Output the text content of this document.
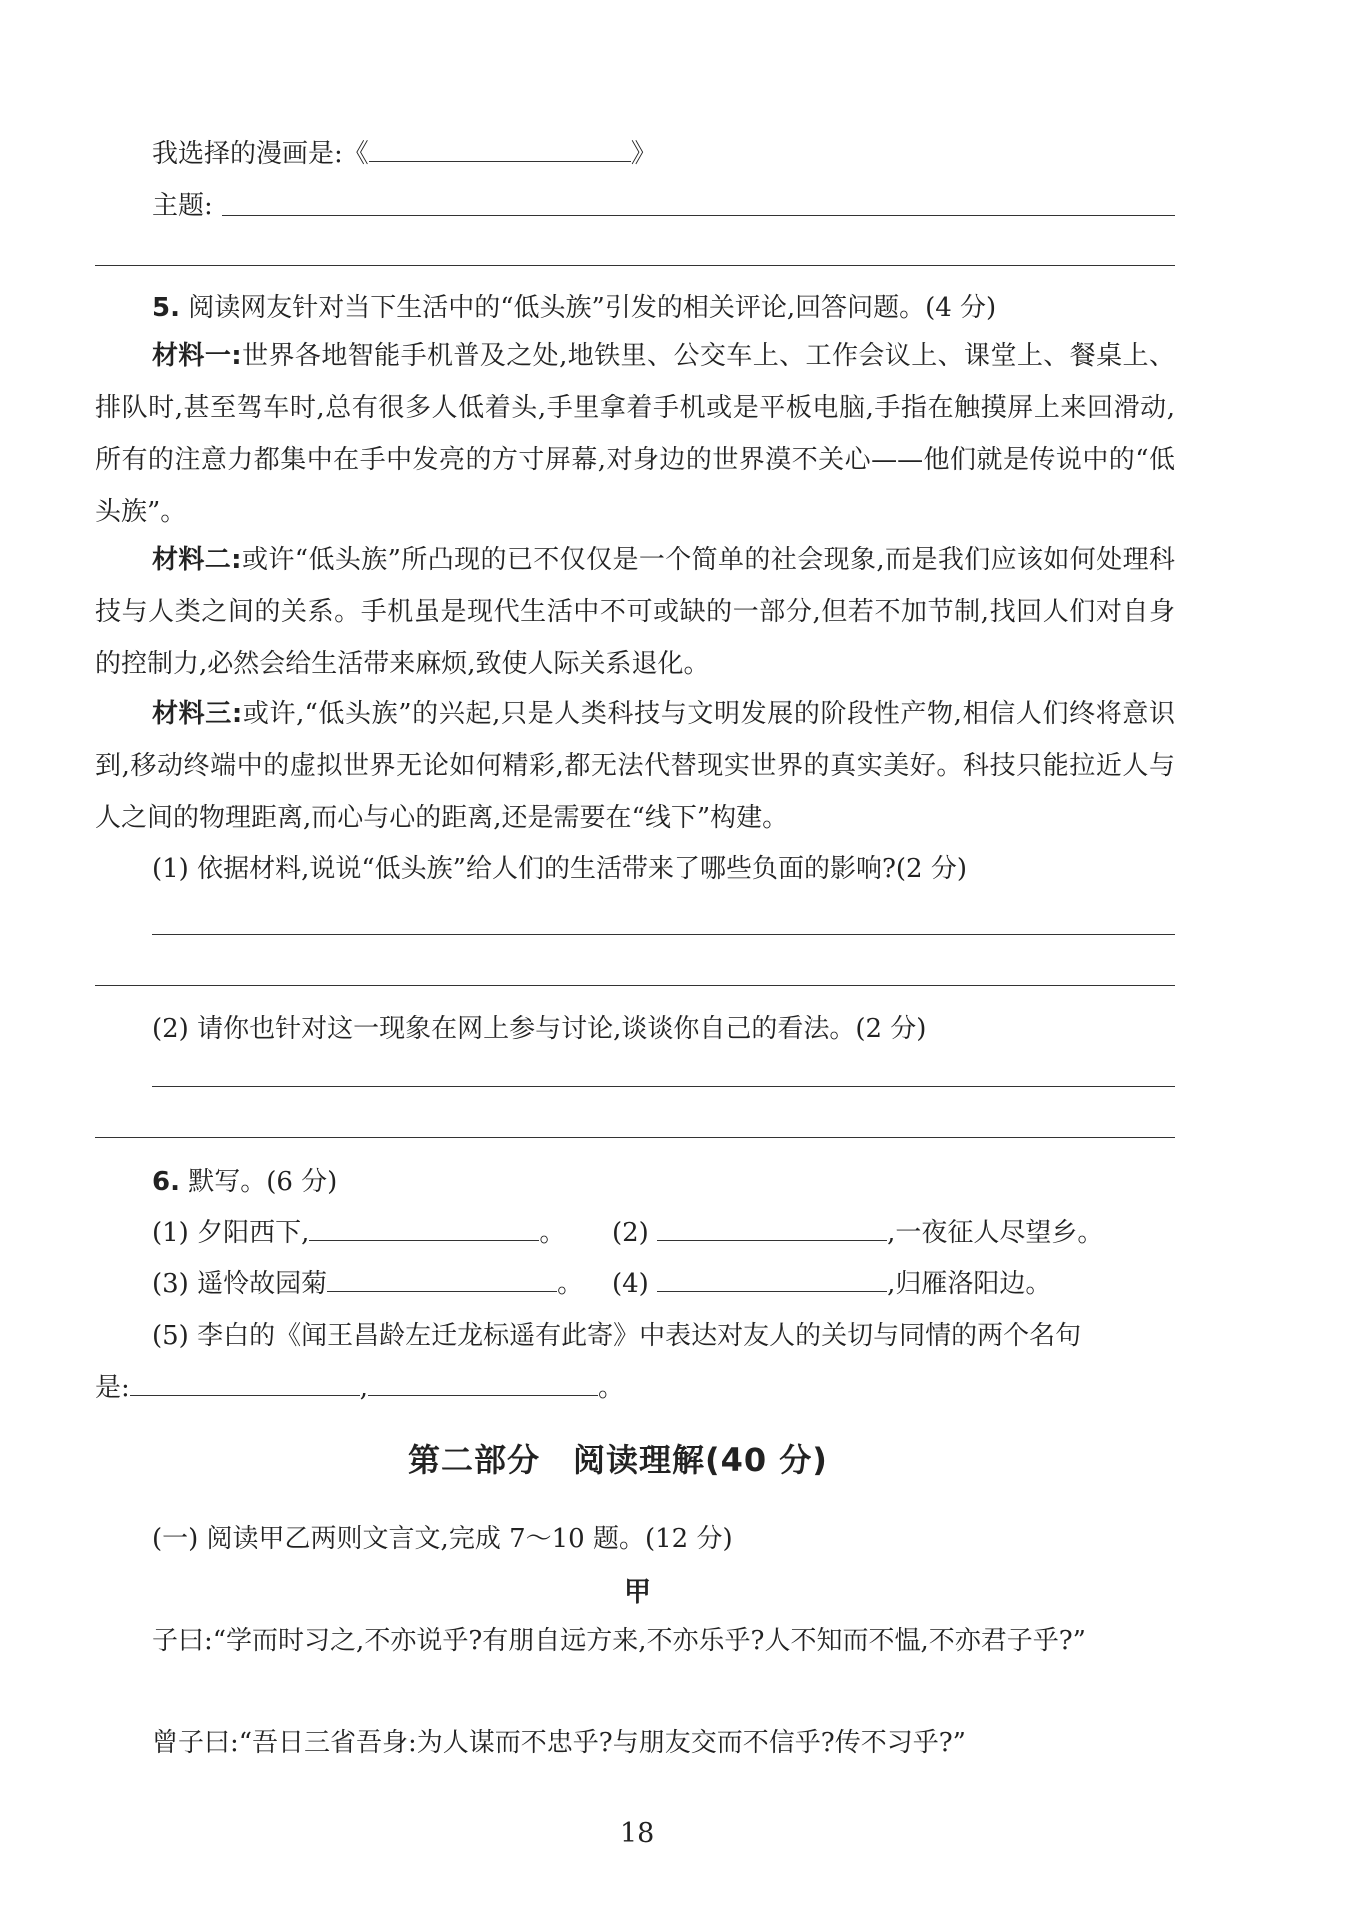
我选择的漫画是:《	》
主题:
5. 阅读网友针对当下生活中的“低头族”引发的相关评论,回答问题。(4 分)
材料一:世界各地智能手机普及之处,地铁里、公交车上、工作会议上、课堂上、餐桌上、排队时,甚至驾车时,总有很多人低着头,手里拿着手机或是平板电脑,手指在触摸屏上来回滑动,所有的注意力都集中在手中发亮的方寸屏幕,对身边的世界漠不关心——他们就是传说中的“低头族”。
材料二:或许“低头族”所凸现的已不仅仅是一个简单的社会现象,而是我们应该如何处理科技与人类之间的关系。手机虽是现代生活中不可或缺的一部分,但若不加节制,找回人们对自身的控制力,必然会给生活带来麻烦,致使人际关系退化。
材料三:或许,“低头族”的兴起,只是人类科技与文明发展的阶段性产物,相信人们终将意识到,移动终端中的虚拟世界无论如何精彩,都无法代替现实世界的真实美好。科技只能拉近人与人之间的物理距离,而心与心的距离,还是需要在“线下”构建。
(1) 依据材料,说说“低头族”给人们的生活带来了哪些负面的影响?(2 分)
(2) 请你也针对这一现象在网上参与讨论,谈谈你自己的看法。(2 分)
6. 默写。(6 分)
(1) 夕阳西下,	。 (2)	,一夜征人尽望乡。
(3) 遥怜故园菊	。 (4)	,归雁洛阳边。
(5) 李白的《闻王昌龄左迁龙标遥有此寄》中表达对友人的关切与同情的两个名句
是:	,	。
第二部分　阅读理解(40 分)
(一) 阅读甲乙两则文言文,完成 7～10 题。(12 分)
甲
子曰:“学而时习之,不亦说乎?有朋自远方来,不亦乐乎?人不知而不愠,不亦君子乎?”
曾子曰:“吾日三省吾身:为人谋而不忠乎?与朋友交而不信乎?传不习乎?”
18
